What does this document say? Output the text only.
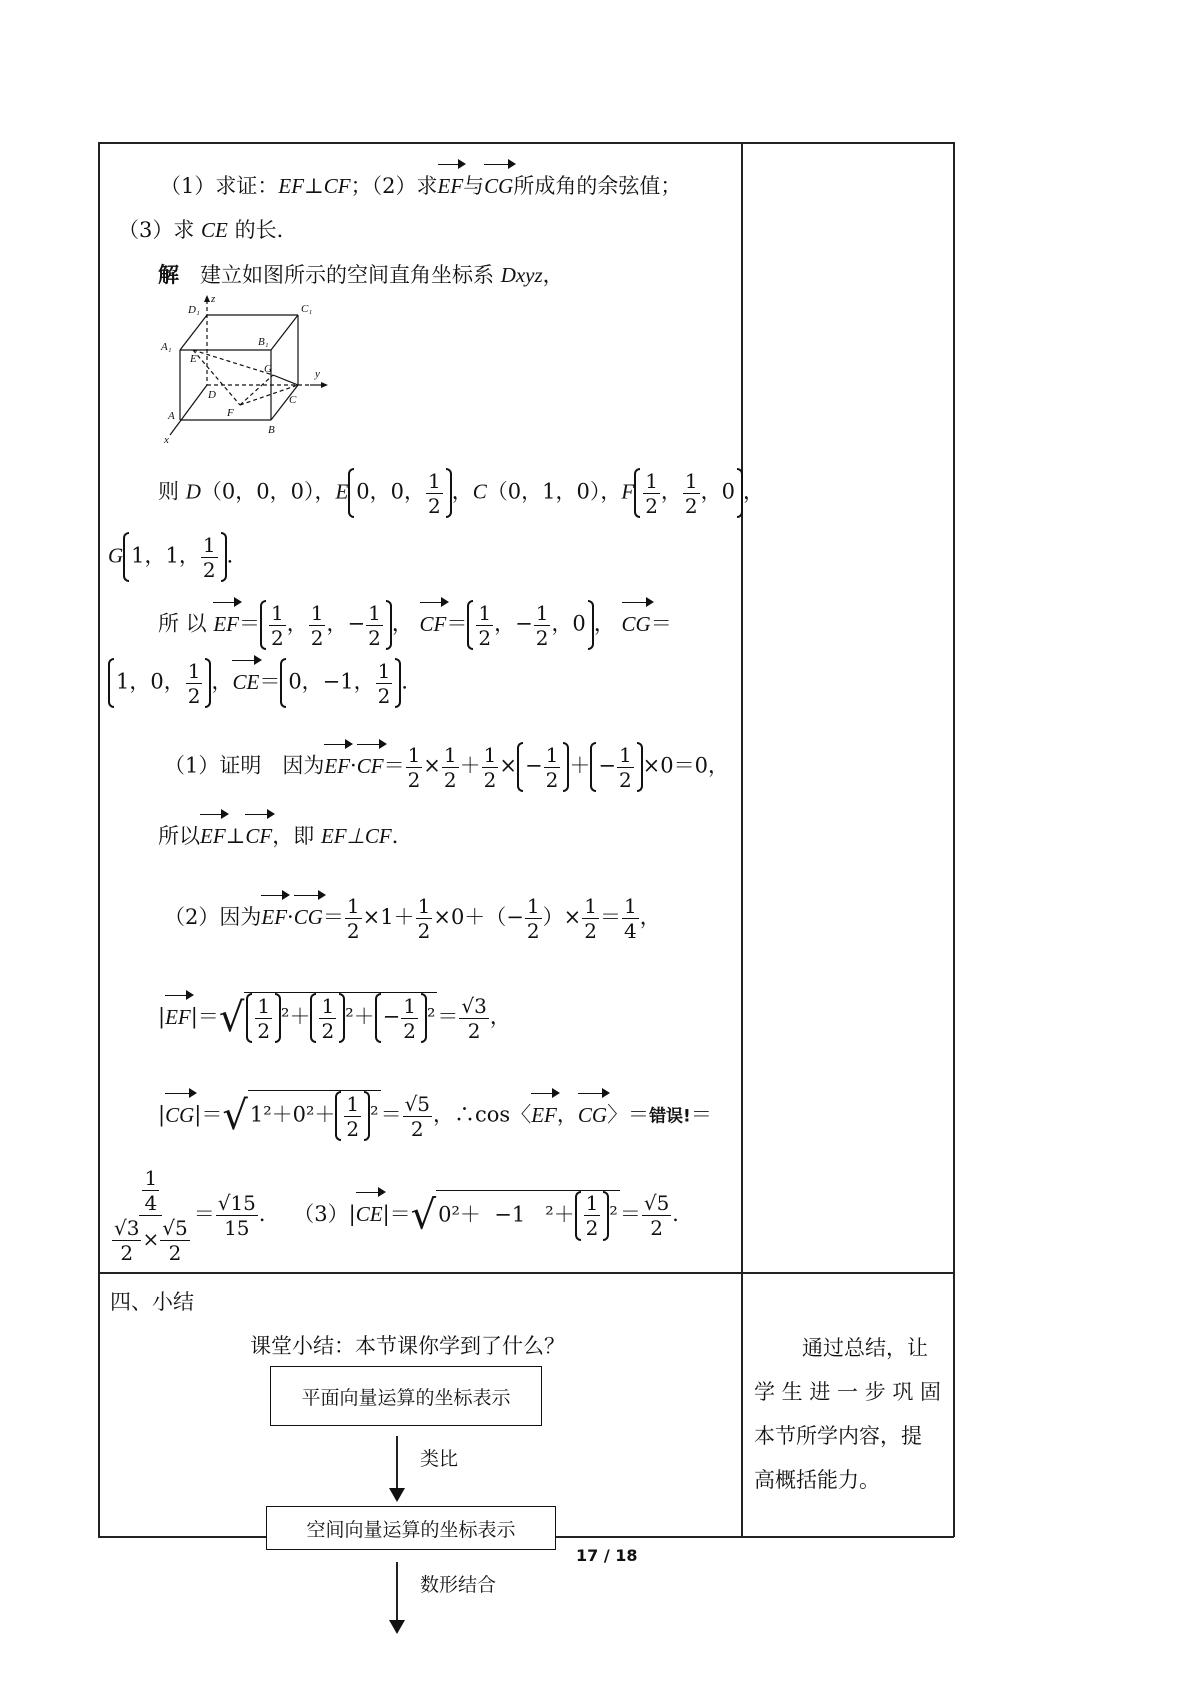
（1）求证：EF⊥CF；（2）求EF与CG所成角的余弦值；
（3）求 CE 的长．
解　 建立如图所示的空间直角坐标系 Dxyz，
z
D₁	C₁
A₁	B₁
E
G	y
D
F
C
A
B
x
则 D（0，0，0），E 0，0， $\frac{1}{2}$ ，C（0，1，0），F $\frac{1}{2}$ ， $\frac{1}{2}$ ，0 ，
G 1，1， $\frac{1}{2}$ ．
所 以 $EF= \frac{1}{2}$ ， $\frac{1}{2}$ ，− $\frac{1}{2}$ ， $CF= \frac{1}{2}$ ，− $\frac{1}{2}$ ，0 ， CG＝
1，0， $\frac{1}{2}$ ，CE＝ 0，−1， $\frac{1}{2}$ ．
（1）证明　因为$EF\cdot CF= \frac{1}{2} \times \frac{1}{2} + \frac{1}{2}$ × − $\frac{1}{2}$ ＋ − $\frac{1}{2} \times 0=0$，
所以EF⊥CF，即 EF⊥CF．
（2）因为$EF\cdot CG= \frac{1}{2} \times 1+ \frac{1}{2} \times 0+(- \frac{1}{2}$ ）× $\frac{1}{2} = \frac{1}{4}$ ，
$|EF|=√ \frac{1}{2} ^2+ \frac{1}{2} ^2+ - \frac{1}{2} ^2= \frac{√3}{2}$ ，
$|CG|=√1^2+0^2+ \frac{1}{2} ^2= \frac{√5}{2}$ ，∴cos〈EF，CG〉＝错误!＝
$\frac{\frac{1}{4}}{\frac{√3}{2} \times \frac{√5}{2}} = \frac{√15}{15}$ ．  （3）|CE|＝√0²＋  −1   $^2+ \frac{1}{2} ^2= \frac{√5}{2}$ ．
四、小结
课堂小结：本节课你学到了什么？
平面向量运算的坐标表示
类比
空间向量运算的坐标表示
数形结合
通过总结，让
学 生 进 一 步 巩 固
本节所学内容，提
高概括能力。
17 / 18
